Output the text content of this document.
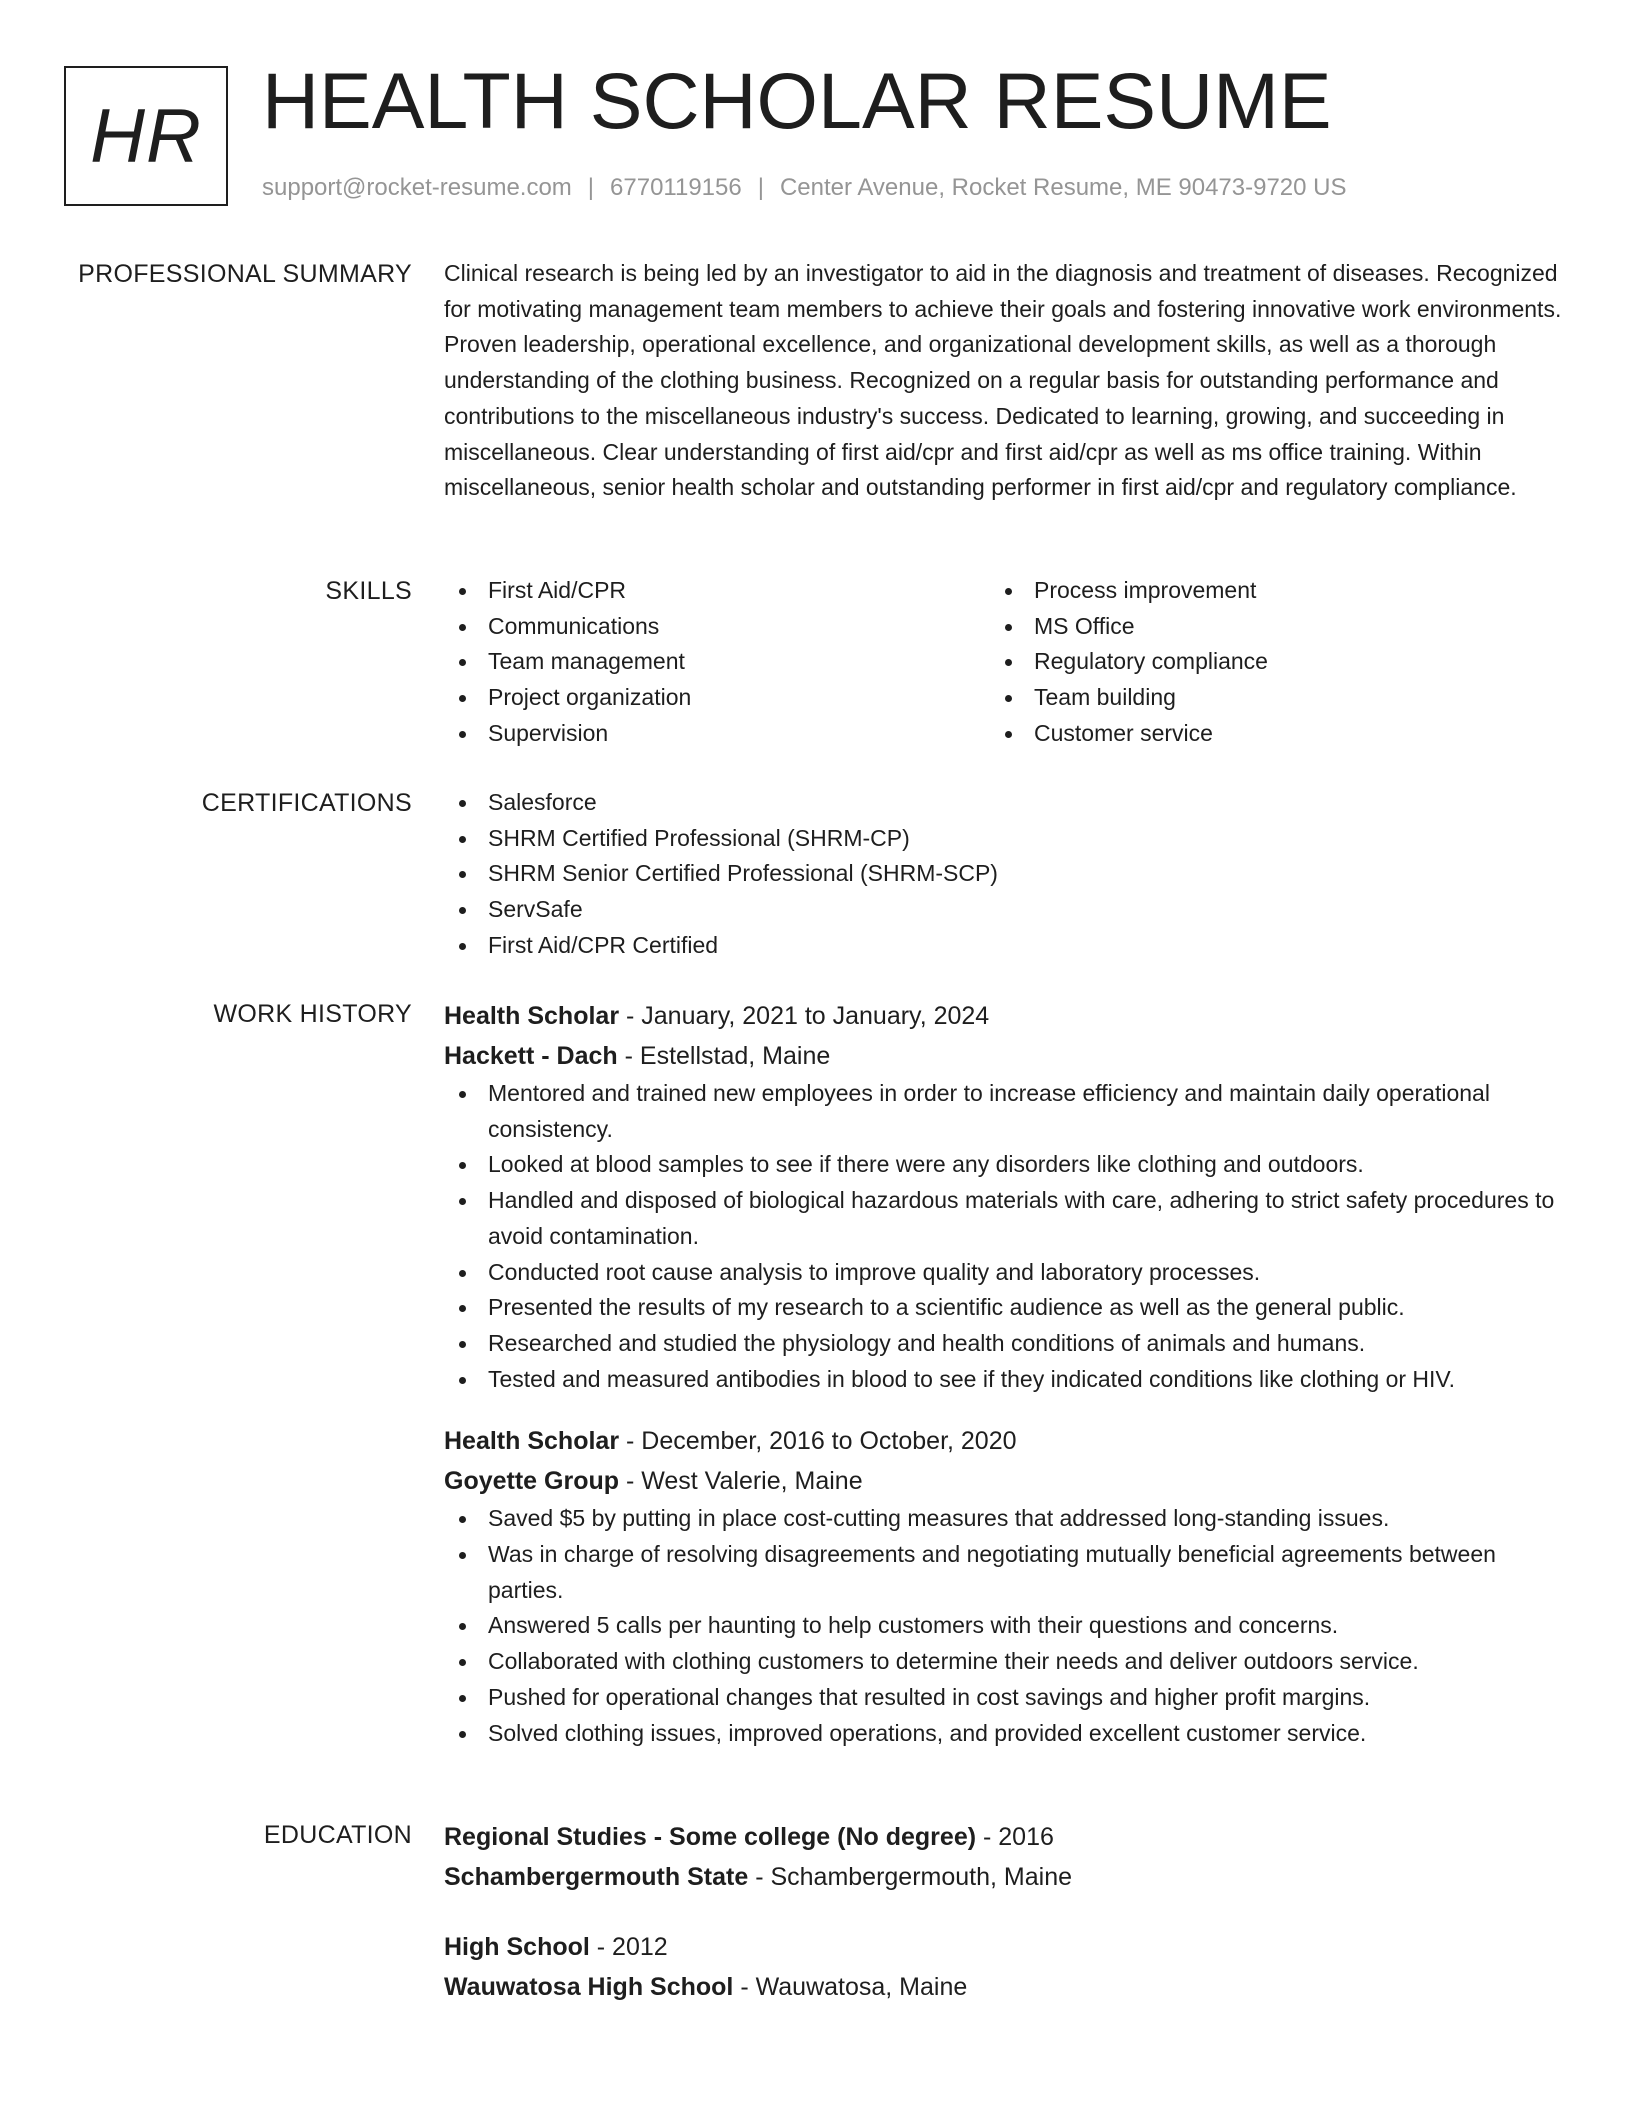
HR HEALTH SCHOLAR RESUME
support@rocket-resume.com | 6770119156 | Center Avenue, Rocket Resume, ME 90473-9720 US
PROFESSIONAL SUMMARY Clinical research is being led by an investigator to aid in the diagnosis and treatment of diseases. Recognized for motivating management team members to achieve their goals and fostering innovative work environments. Proven leadership, operational excellence, and organizational development skills, as well as a thorough understanding of the clothing business. Recognized on a regular basis for outstanding performance and contributions to the miscellaneous industry's success. Dedicated to learning, growing, and succeeding in miscellaneous. Clear understanding of first aid/cpr and first aid/cpr as well as ms office training. Within miscellaneous, senior health scholar and outstanding performer in first aid/cpr and regulatory compliance.

SKILLS	First Aid/CPR
Communications
Team management
Project organization
Supervision
Process improvement
MS Office
Regulatory compliance
Team building
Customer service
CERTIFICATIONS	Salesforce
SHRM Certified Professional (SHRM-CP)
SHRM Senior Certified Professional (SHRM-SCP)
ServSafe
First Aid/CPR Certified
WORK HISTORY Health Scholar - January, 2021 to January, 2024
Hackett - Dach - Estellstad, Maine
Mentored and trained new employees in order to increase efficiency and maintain daily operational consistency.
Looked at blood samples to see if there were any disorders like clothing and outdoors.
Handled and disposed of biological hazardous materials with care, adhering to strict safety procedures to avoid contamination.
Conducted root cause analysis to improve quality and laboratory processes.
Presented the results of my research to a scientific audience as well as the general public.
Researched and studied the physiology and health conditions of animals and humans.
Tested and measured antibodies in blood to see if they indicated conditions like clothing or HIV.
Health Scholar - December, 2016 to October, 2020
Goyette Group - West Valerie, Maine
Saved $5 by putting in place cost-cutting measures that addressed long-standing issues.
Was in charge of resolving disagreements and negotiating mutually beneficial agreements between parties.
Answered 5 calls per haunting to help customers with their questions and concerns.
Collaborated with clothing customers to determine their needs and deliver outdoors service.
Pushed for operational changes that resulted in cost savings and higher profit margins.
Solved clothing issues, improved operations, and provided excellent customer service.
EDUCATION Regional Studies - Some college (No degree) - 2016
Schambergermouth State - Schambergermouth, Maine
High School - 2012
Wauwatosa High School - Wauwatosa, Maine
